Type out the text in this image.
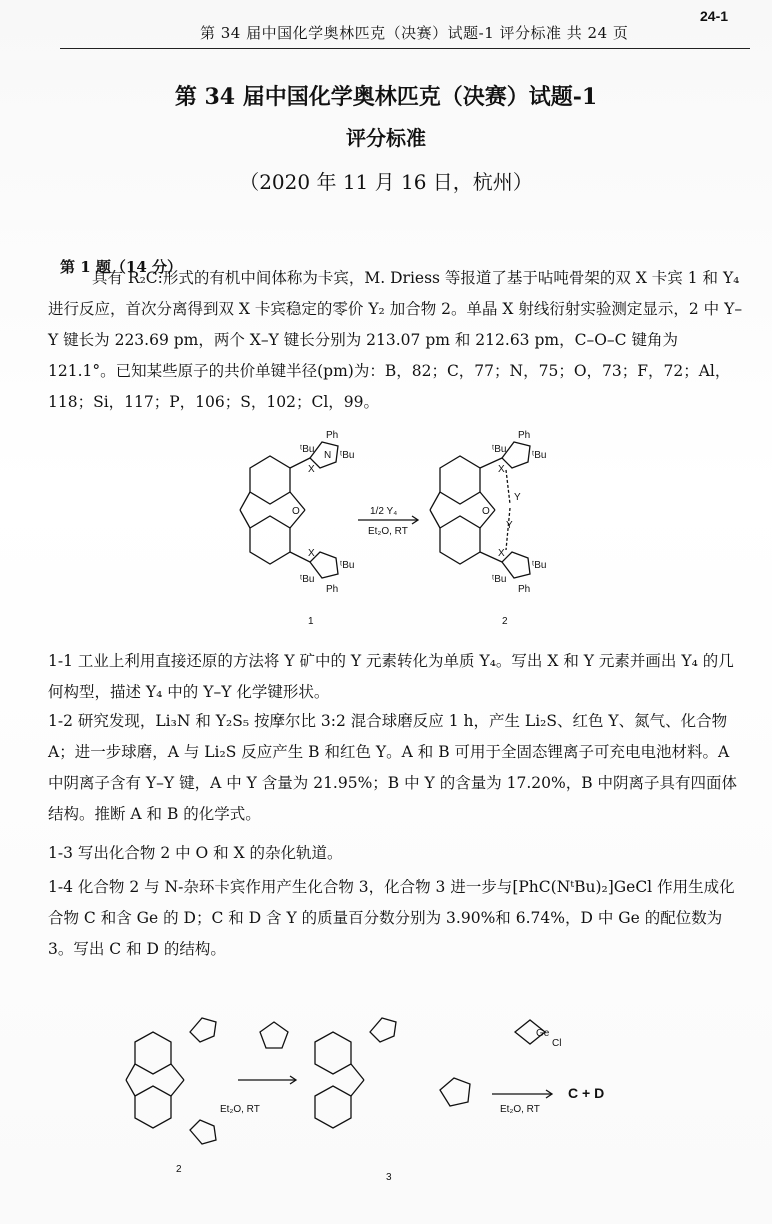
24-1
第 34 届中国化学奥林匹克（决赛）试题-1 评分标准 共 24 页
第 34 届中国化学奥林匹克（决赛）试题-1
评分标准
（2020 年 11 月 16 日，杭州）
第 1 题（14 分）
具有 R₂C:形式的有机中间体称为卡宾，M. Driess 等报道了基于呫吨骨架的双 X 卡宾 1 和 Y₄ 进行反应，首次分离得到双 X 卡宾稳定的零价 Y₂ 加合物 2。单晶 X 射线衍射实验测定显示，2 中 Y–Y 键长为 223.69 pm，两个 X–Y 键长分别为 213.07 pm 和 212.63 pm，C–O–C 键角为 121.1°。已知某些原子的共价单键半径(pm)为：B，82；C，77；N，75；O，73；F，72；Al，118；Si，117；P，106；S，102；Cl，99。
Ph
ᵗBu
ᵗBu
X
N
X
ᵗBu
ᵗBu
Ph
O	1/2 Y₄
Et₂O, RT
Ph
ᵗBu
ᵗBu
X
Y
Y
X
ᵗBu
ᵗBu
Ph
O
1	2
1-1 工业上利用直接还原的方法将 Y 矿中的 Y 元素转化为单质 Y₄。写出 X 和 Y 元素并画出 Y₄ 的几何构型，描述 Y₄ 中的 Y–Y 化学键形状。
1-2 研究发现，Li₃N 和 Y₂S₅ 按摩尔比 3:2 混合球磨反应 1 h，产生 Li₂S、红色 Y、氮气、化合物 A；进一步球磨，A 与 Li₂S 反应产生 B 和红色 Y。A 和 B 可用于全固态锂离子可充电电池材料。A 中阴离子含有 Y–Y 键，A 中 Y 含量为 21.95%；B 中 Y 的含量为 17.20%，B 中阴离子具有四面体结构。推断 A 和 B 的化学式。
1-3 写出化合物 2 中 O 和 X 的杂化轨道。
1-4 化合物 2 与 N-杂环卡宾作用产生化合物 3，化合物 3 进一步与[PhC(NᵗBu)₂]GeCl 作用生成化合物 C 和含 Ge 的 D；C 和 D 含 Y 的质量百分数分别为 3.90%和 6.74%，D 中 Ge 的配位数为 3。写出 C 和 D 的结构。
Et₂O, RT	Et₂O, RT
Ge
Cl
2
3
C + D
